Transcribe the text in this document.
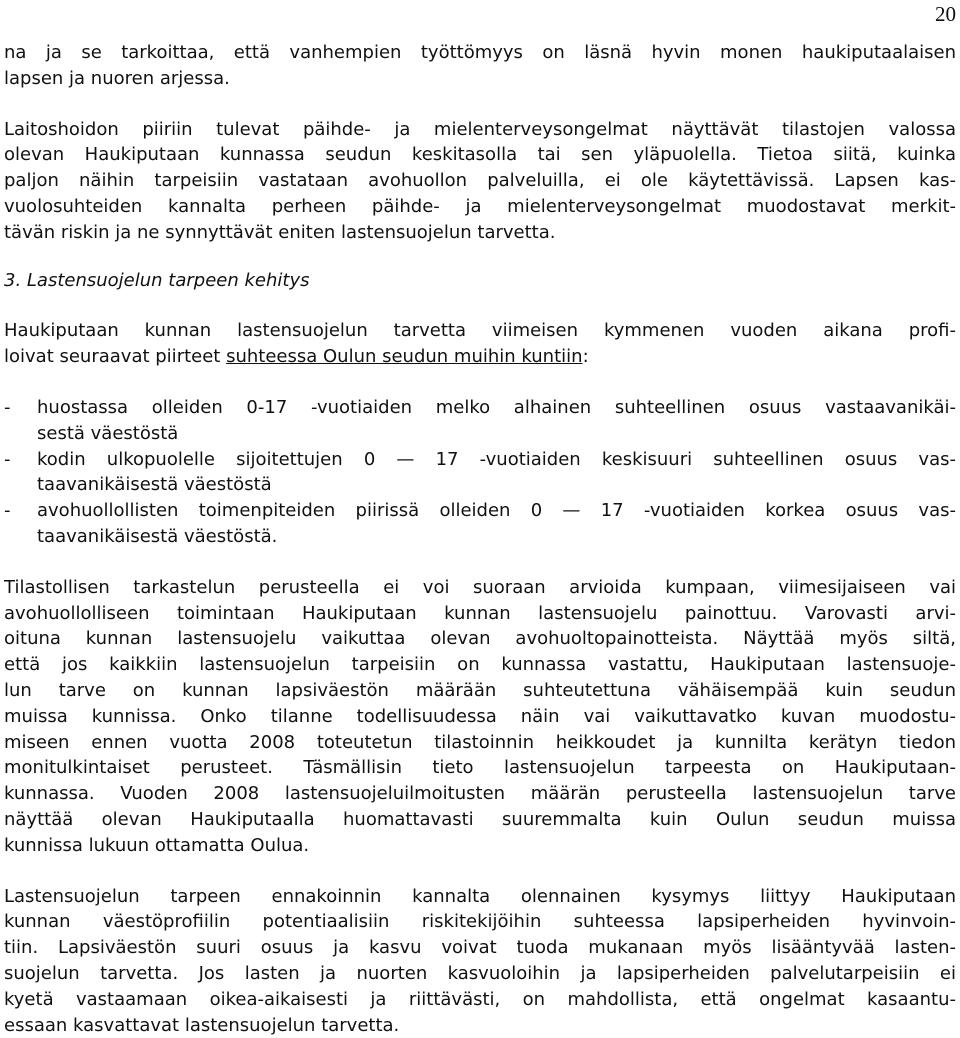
20
na ja se tarkoittaa, että vanhempien työttömyys on läsnä hyvin monen haukiputaalaisen
lapsen ja nuoren arjessa.
Laitoshoidon piiriin tulevat päihde- ja mielenterveysongelmat näyttävät tilastojen valossa
olevan Haukiputaan kunnassa seudun keskitasolla tai sen yläpuolella. Tietoa siitä, kuinka
paljon näihin tarpeisiin vastataan avohuollon palveluilla, ei ole käytettävissä. Lapsen kas-
vuolosuhteiden kannalta perheen päihde- ja mielenterveysongelmat muodostavat merkit-
tävän riskin ja ne synnyttävät eniten lastensuojelun tarvetta.
3. Lastensuojelun tarpeen kehitys
Haukiputaan kunnan lastensuojelun tarvetta viimeisen kymmenen vuoden aikana profi-
loivat seuraavat piirteet suhteessa Oulun seudun muihin kuntiin:
- huostassa olleiden 0-17 -vuotiaiden melko alhainen suhteellinen osuus vastaavanikäi-
sestä väestöstä
- kodin ulkopuolelle sijoitettujen 0 — 17 -vuotiaiden keskisuuri suhteellinen osuus vas-
taavanikäisestä väestöstä
- avohuollollisten toimenpiteiden piirissä olleiden 0 — 17 -vuotiaiden korkea osuus vas-
taavanikäisestä väestöstä.
Tilastollisen tarkastelun perusteella ei voi suoraan arvioida kumpaan, viimesijaiseen vai
avohuollolliseen toimintaan Haukiputaan kunnan lastensuojelu painottuu. Varovasti arvi-
oituna kunnan lastensuojelu vaikuttaa olevan avohuoltopainotteista. Näyttää myös siltä,
että jos kaikkiin lastensuojelun tarpeisiin on kunnassa vastattu, Haukiputaan lastensuoje-
lun tarve on kunnan lapsiväestön määrään suhteutettuna vähäisempää kuin seudun
muissa kunnissa. Onko tilanne todellisuudessa näin vai vaikuttavatko kuvan muodostu-
miseen ennen vuotta 2008 toteutetun tilastoinnin heikkoudet ja kunnilta kerätyn tiedon
monitulkintaiset perusteet. Täsmällisin tieto lastensuojelun tarpeesta on Haukiputaan-
kunnassa. Vuoden 2008 lastensuojeluilmoitusten määrän perusteella lastensuojelun tarve
näyttää olevan Haukiputaalla huomattavasti suuremmalta kuin Oulun seudun muissa
kunnissa lukuun ottamatta Oulua.
Lastensuojelun tarpeen ennakoinnin kannalta olennainen kysymys liittyy Haukiputaan
kunnan väestöprofiilin potentiaalisiin riskitekijöihin suhteessa lapsiperheiden hyvinvoin-
tiin. Lapsiväestön suuri osuus ja kasvu voivat tuoda mukanaan myös lisääntyvää lasten-
suojelun tarvetta. Jos lasten ja nuorten kasvuoloihin ja lapsiperheiden palvelutarpeisiin ei
kyetä vastaamaan oikea-aikaisesti ja riittävästi, on mahdollista, että ongelmat kasaantu-
essaan kasvattavat lastensuojelun tarvetta.
